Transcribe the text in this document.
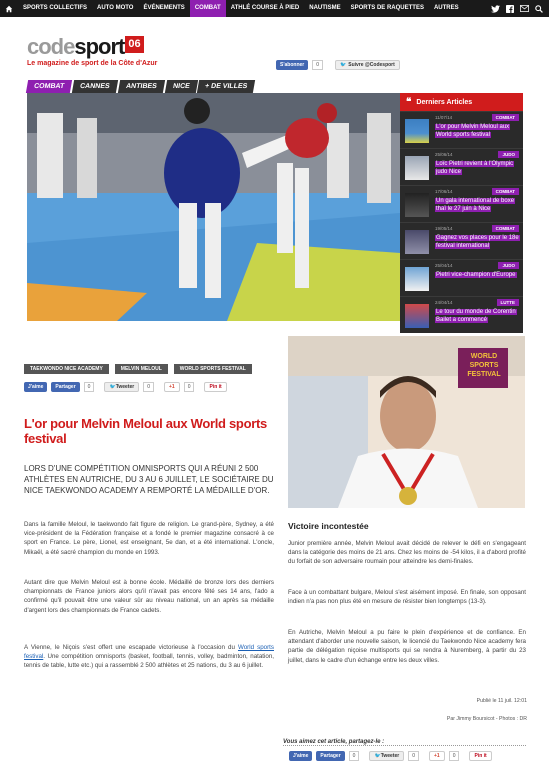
SPORTS COLLECTIFS	AUTO MOTO	ÉVÉNEMENTS	COMBAT	ATHLÉ COURSE À PIED	NAUTISME	SPORTS DE RAQUETTES	AUTRES
codesport 06
Le magazine de sport de la Côte d'Azur	S'abonner	0	🐦 Suivre @Codesport
COMBAT	CANNES	ANTIBES	NICE	+ DE VILLES
❝ Derniers Articles
11/07/14	COMBAT
L'or pour Melvin Meloul aux World sports festival
25/06/14	JUDO
Loïc Pietri revient à l'Olympic judo Nice
17/06/14	COMBAT
Un gala international de boxe thaï le 27 juin à Nice
19/05/14	COMBAT
Gagnez vos places pour le 18e festival international
25/04/14	JUDO
Pietri vice-champion d'Europe
24/04/14	LUTTE
Le tour du monde de Corentin Bailet a commencé
TAEKWONDO NICE ACADEMY	MELVIN MELOUL	WORLD SPORTS FESTIVAL
J'aime Partager	0	🐦 Tweeter	0	+1	0	Pin it
WORLD SPORTS FESTIVAL
L'or pour Melvin Meloul aux World sports festival
LORS D'UNE COMPÉTITION OMNISPORTS QUI A RÉUNI 2 500 ATHLÈTES EN AUTRICHE, DU 3 AU 6 JUILLET, LE SOCIÉTAIRE DU NICE TAEKWONDO ACADEMY A REMPORTÉ LA MÉDAILLE D'OR.
Dans la famille Meloul, le taekwondo fait figure de religion. Le grand-père, Sydney, a été vice-président de la Fédération française et a fondé le premier magazine consacré à ce sport en France. Le père, Lionel, est enseignant, 5e dan, et a été international. L'oncle, Mikaël, a été sacré champion du monde en 1993.
Autant dire que Melvin Meloul est à bonne école. Médaillé de bronze lors des derniers championnats de France juniors alors qu'il n'avait pas encore fêté ses 14 ans, l'ado a confirmé qu'il pouvait être une valeur sûr au niveau national, un an après sa médaille d'argent lors des championnats de France cadets.
A Vienne, le Niçois s'est offert une escapade victorieuse à l'occasion du World sports festival. Une compétition omnisports (basket, football, tennis, volley, badminton, natation, tennis de table, lutte etc.) qui a rassemblé 2 500 athlètes et 25 nations, du 3 au 6 juillet.
Victoire incontestée
Junior première année, Melvin Meloul avait décidé de relever le défi en s'engageant dans la catégorie des moins de 21 ans. Chez les moins de -54 kilos, il a d'abord profité du forfait de son adversaire roumain pour atteindre les demi-finales.
Face à un combattant bulgare, Meloul s'est aisément imposé. En finale, son opposant indien n'a pas non plus été en mesure de résister bien longtemps (13-3).
En Autriche, Melvin Meloul a pu faire le plein d'expérience et de confiance. En attendant d'aborder une nouvelle saison, le licencié du Taekwondo Nice academy fera partie de délégation niçoise multisports qui se rendra à Nuremberg, à partir du 23 juillet, dans le cadre d'un échange entre les deux villes.
Publié le 11 juil. 12:01
Par Jimmy Boursicot - Photos : DR
Vous aimez cet article, partagez-le :
J'aime Partager	0	🐦 Tweeter	0	+1	0	Pin it
